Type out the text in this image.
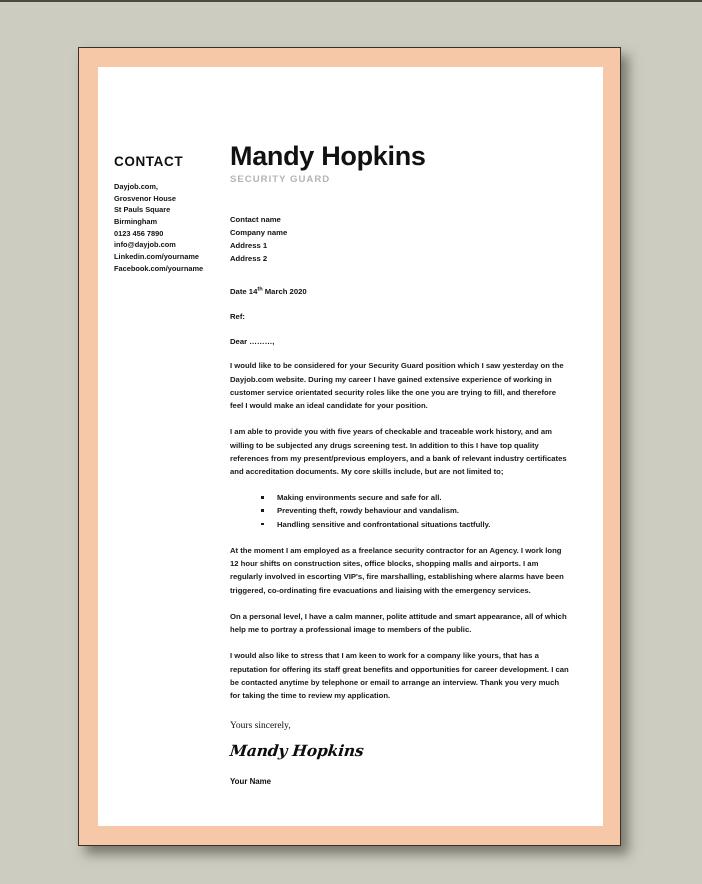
CONTACT Mandy Hopkins
SECURITY GUARD
Dayjob.com,
Grosvenor House
St Pauls Square
Birmingham
0123 456 7890
info@dayjob.com
Linkedin.com/yourname
Facebook.com/yourname
Contact name
Company name
Address 1
Address 2
Date 14th March 2020
Ref:
Dear ………,

I would like to be considered for your Security Guard position which I saw yesterday on the Dayjob.com website. During my career I have gained extensive experience of working in customer service orientated security roles like the one you are trying to fill, and therefore feel I would make an ideal candidate for your position.

I am able to provide you with five years of checkable and traceable work history, and am willing to be subjected any drugs screening test. In addition to this I have top quality references from my present/previous employers, and a bank of relevant industry certificates and accreditation documents. My core skills include, but are not limited to;

Making environments secure and safe for all.
Preventing theft, rowdy behaviour and vandalism.
Handling sensitive and confrontational situations tactfully.

At the moment I am employed as a freelance security contractor for an Agency. I work long 12 hour shifts on construction sites, office blocks, shopping malls and airports. I am regularly involved in escorting VIP's, fire marshalling, establishing where alarms have been triggered, co-ordinating fire evacuations and liaising with the emergency services.

On a personal level, I have a calm manner, polite attitude and smart appearance, all of which help me to portray a professional image to members of the public.

I would also like to stress that I am keen to work for a company like yours, that has a reputation for offering its staff great benefits and opportunities for career development. I can be contacted anytime by telephone or email to arrange an interview. Thank you very much for taking the time to review my application.

Yours sincerely,
Mandy Hopkins
Your Name
